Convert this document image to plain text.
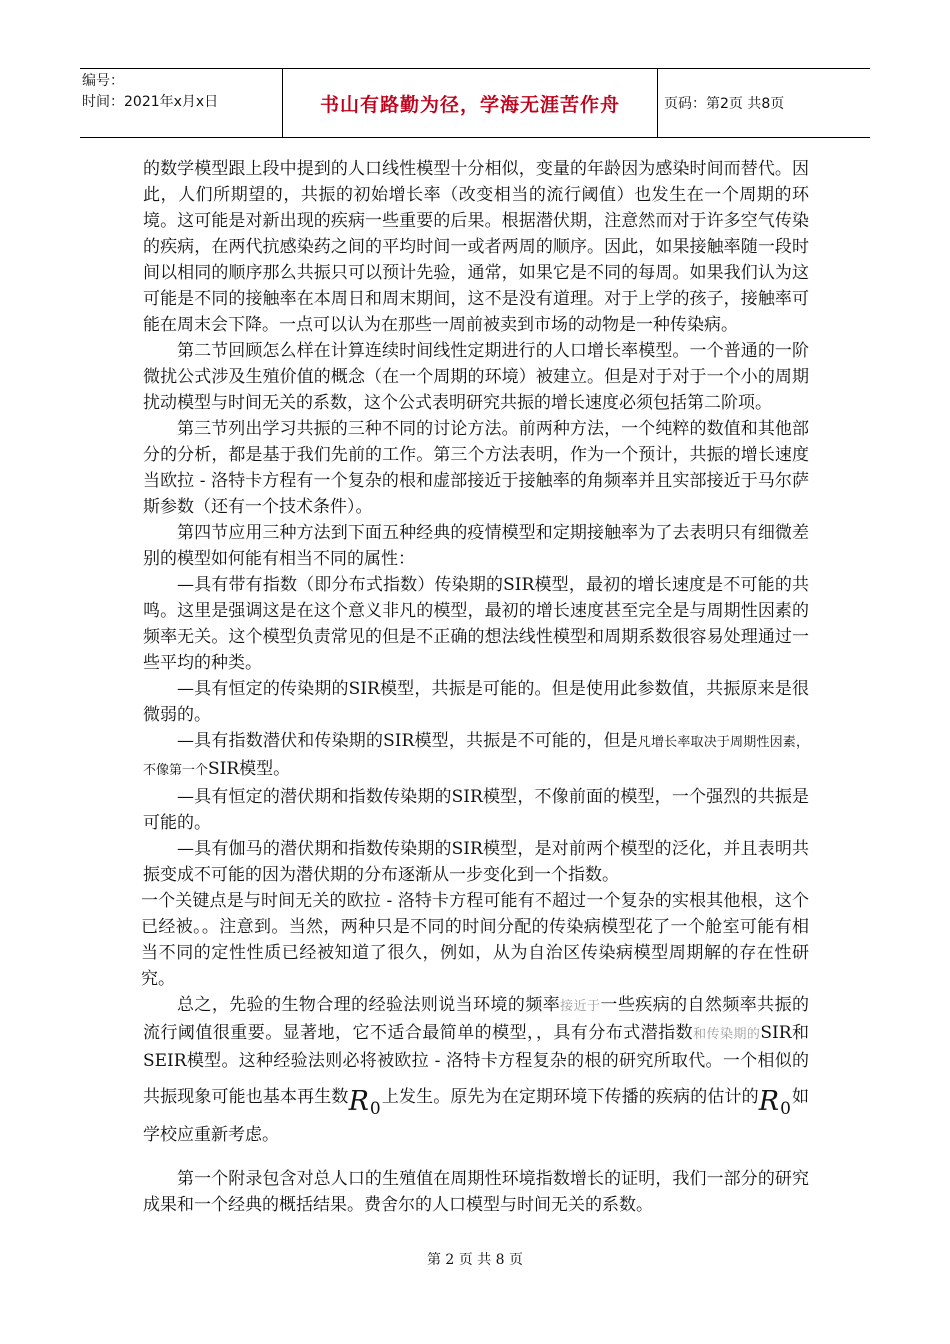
编号：
时间：2021年x月x日	书山有路勤为径，学海无涯苦作舟	页码：第2页 共8页

的数学模型跟上段中提到的人口线性模型十分相似，变量的年龄因为感染时间而替代。因此，人们所期望的，共振的初始增长率（改变相当的流行阈值）也发生在一个周期的环境。这可能是对新出现的疾病一些重要的后果。根据潜伏期，注意然而对于许多空气传染的疾病，在两代抗感染药之间的平均时间一或者两周的顺序。因此，如果接触率随一段时间以相同的顺序那么共振只可以预计先验，通常，如果它是不同的每周。如果我们认为这可能是不同的接触率在本周日和周末期间，这不是没有道理。对于上学的孩子，接触率可能在周末会下降。一点可以认为在那些一周前被卖到市场的动物是一种传染病。

第二节回顾怎么样在计算连续时间线性定期进行的人口增长率模型。一个普通的一阶微扰公式涉及生殖价值的概念（在一个周期的环境）被建立。但是对于对于一个小的周期扰动模型与时间无关的系数，这个公式表明研究共振的增长速度必须包括第二阶项。

第三节列出学习共振的三种不同的讨论方法。前两种方法，一个纯粹的数值和其他部分的分析，都是基于我们先前的工作。第三个方法表明，作为一个预计，共振的增长速度当欧拉 - 洛特卡方程有一个复杂的根和虚部接近于接触率的角频率并且实部接近于马尔萨斯参数（还有一个技术条件）。

第四节应用三种方法到下面五种经典的疫情模型和定期接触率为了去表明只有细微差别的模型如何能有相当不同的属性：

—具有带有指数（即分布式指数）传染期的SIR模型，最初的增长速度是不可能的共鸣。这里是强调这是在这个意义非凡的模型，最初的增长速度甚至完全是与周期性因素的频率无关。这个模型负责常见的但是不正确的想法线性模型和周期系数很容易处理通过一些平均的种类。

—具有恒定的传染期的SIR模型，共振是可能的。但是使用此参数值，共振原来是很微弱的。

—具有指数潜伏和传染期的SIR模型，共振是不可能的，但是凡增长率取决于周期性因素，不像第一个SIR模型。

—具有恒定的潜伏期和指数传染期的SIR模型，不像前面的模型，一个强烈的共振是可能的。

—具有伽马的潜伏期和指数传染期的SIR模型，是对前两个模型的泛化，并且表明共振变成不可能的因为潜伏期的分布逐渐从一步变化到一个指数。

一个关键点是与时间无关的欧拉 - 洛特卡方程可能有不超过一个复杂的实根其他根，这个已经被。。注意到。当然，两种只是不同的时间分配的传染病模型花了一个舱室可能有相当不同的定性性质已经被知道了很久，例如，从为自治区传染病模型周期解的存在性研究。

总之，先验的生物合理的经验法则说当环境的频率接近于一些疾病的自然频率共振的流行阈值很重要。显著地，它不适合最简单的模型，，具有分布式潜指数和传染期的SIR和SEIR模型。这种经验法则必将被欧拉 - 洛特卡方程复杂的根的研究所取代。一个相似的共振现象可能也基本再生数$R_0$上发生。原先为在定期环境下传播的疾病的估计的$R_0$如学校应重新考虑。

第一个附录包含对总人口的生殖值在周期性环境指数增长的证明，我们一部分的研究成果和一个经典的概括结果。费舍尔的人口模型与时间无关的系数。

第 2 页 共 8 页
